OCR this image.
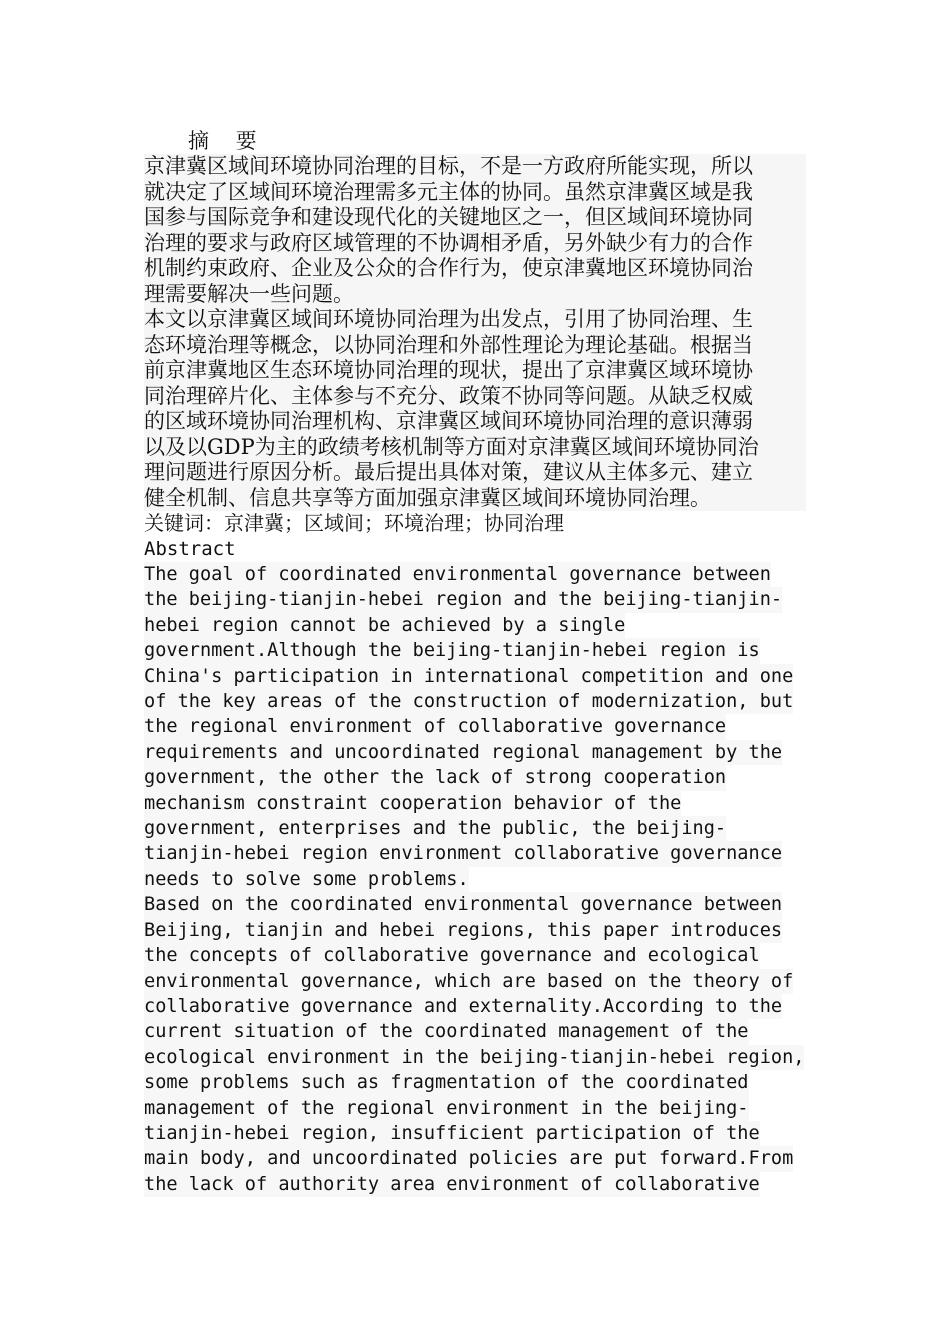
摘 要
京津冀区域间环境协同治理的目标，不是一方政府所能实现，所以
就决定了区域间环境治理需多元主体的协同。虽然京津冀区域是我
国参与国际竞争和建设现代化的关键地区之一，但区域间环境协同
治理的要求与政府区域管理的不协调相矛盾，另外缺少有力的合作
机制约束政府、企业及公众的合作行为，使京津冀地区环境协同治
理需要解决一些问题。
本文以京津冀区域间环境协同治理为出发点，引用了协同治理、生
态环境治理等概念，以协同治理和外部性理论为理论基础。根据当
前京津冀地区生态环境协同治理的现状，提出了京津冀区域环境协
同治理碎片化、主体参与不充分、政策不协同等问题。从缺乏权威
的区域环境协同治理机构、京津冀区域间环境协同治理的意识薄弱
以及以GDP为主的政绩考核机制等方面对京津冀区域间环境协同治
理问题进行原因分析。最后提出具体对策，建议从主体多元、建立
健全机制、信息共享等方面加强京津冀区域间环境协同治理。
关键词：京津冀；区域间；环境治理；协同治理
Abstract
The goal of coordinated environmental governance between
the beijing-tianjin-hebei region and the beijing-tianjin-
hebei region cannot be achieved by a single
government.Although the beijing-tianjin-hebei region is
China's participation in international competition and one
of the key areas of the construction of modernization, but
the regional environment of collaborative governance
requirements and uncoordinated regional management by the
government, the other the lack of strong cooperation
mechanism constraint cooperation behavior of the
government, enterprises and the public, the beijing-
tianjin-hebei region environment collaborative governance
needs to solve some problems.
Based on the coordinated environmental governance between
Beijing, tianjin and hebei regions, this paper introduces
the concepts of collaborative governance and ecological
environmental governance, which are based on the theory of
collaborative governance and externality.According to the
current situation of the coordinated management of the
ecological environment in the beijing-tianjin-hebei region,
some problems such as fragmentation of the coordinated
management of the regional environment in the beijing-
tianjin-hebei region, insufficient participation of the
main body, and uncoordinated policies are put forward.From
the lack of authority area environment of collaborative
